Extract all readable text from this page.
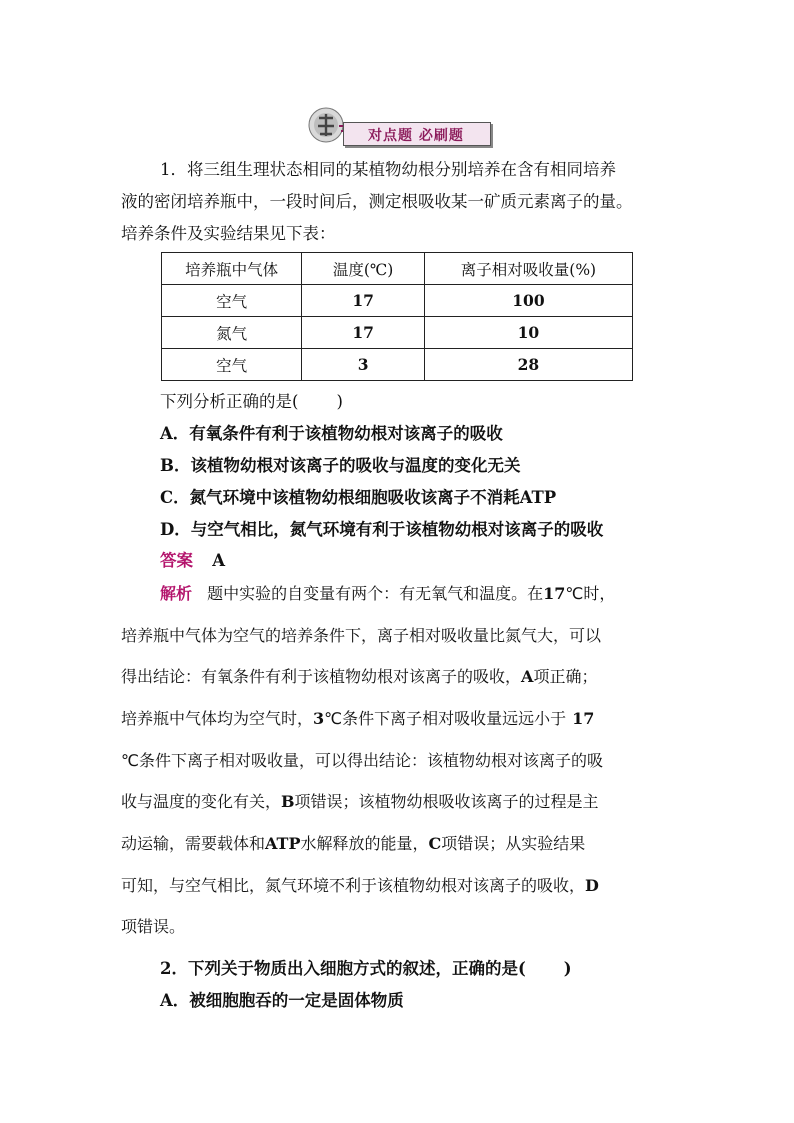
对点题 必刷题
1．将三组生理状态相同的某植物幼根分别培养在含有相同培养
液的密闭培养瓶中，一段时间后，测定根吸收某一矿质元素离子的量。
培养条件及实验结果见下表：
培养瓶中气体	温度(℃)	离子相对吸收量(%)
空气	17	100
氮气	17	10
空气	3	28
下列分析正确的是( )
A．有氧条件有利于该植物幼根对该离子的吸收
B．该植物幼根对该离子的吸收与温度的变化无关
C．氮气环境中该植物幼根细胞吸收该离子不消耗ATP
D．与空气相比，氮气环境有利于该植物幼根对该离子的吸收
答案 A
解析 题中实验的自变量有两个：有无氧气和温度。在17℃时，
培养瓶中气体为空气的培养条件下，离子相对吸收量比氮气大，可以
得出结论：有氧条件有利于该植物幼根对该离子的吸收，A项正确；
培养瓶中气体均为空气时，3℃条件下离子相对吸收量远远小于 17
℃条件下离子相对吸收量，可以得出结论：该植物幼根对该离子的吸
收与温度的变化有关，B项错误；该植物幼根吸收该离子的过程是主
动运输，需要载体和ATP水解释放的能量，C项错误；从实验结果
可知，与空气相比，氮气环境不利于该植物幼根对该离子的吸收，D
项错误。
2．下列关于物质出入细胞方式的叙述，正确的是( )
A．被细胞胞吞的一定是固体物质
